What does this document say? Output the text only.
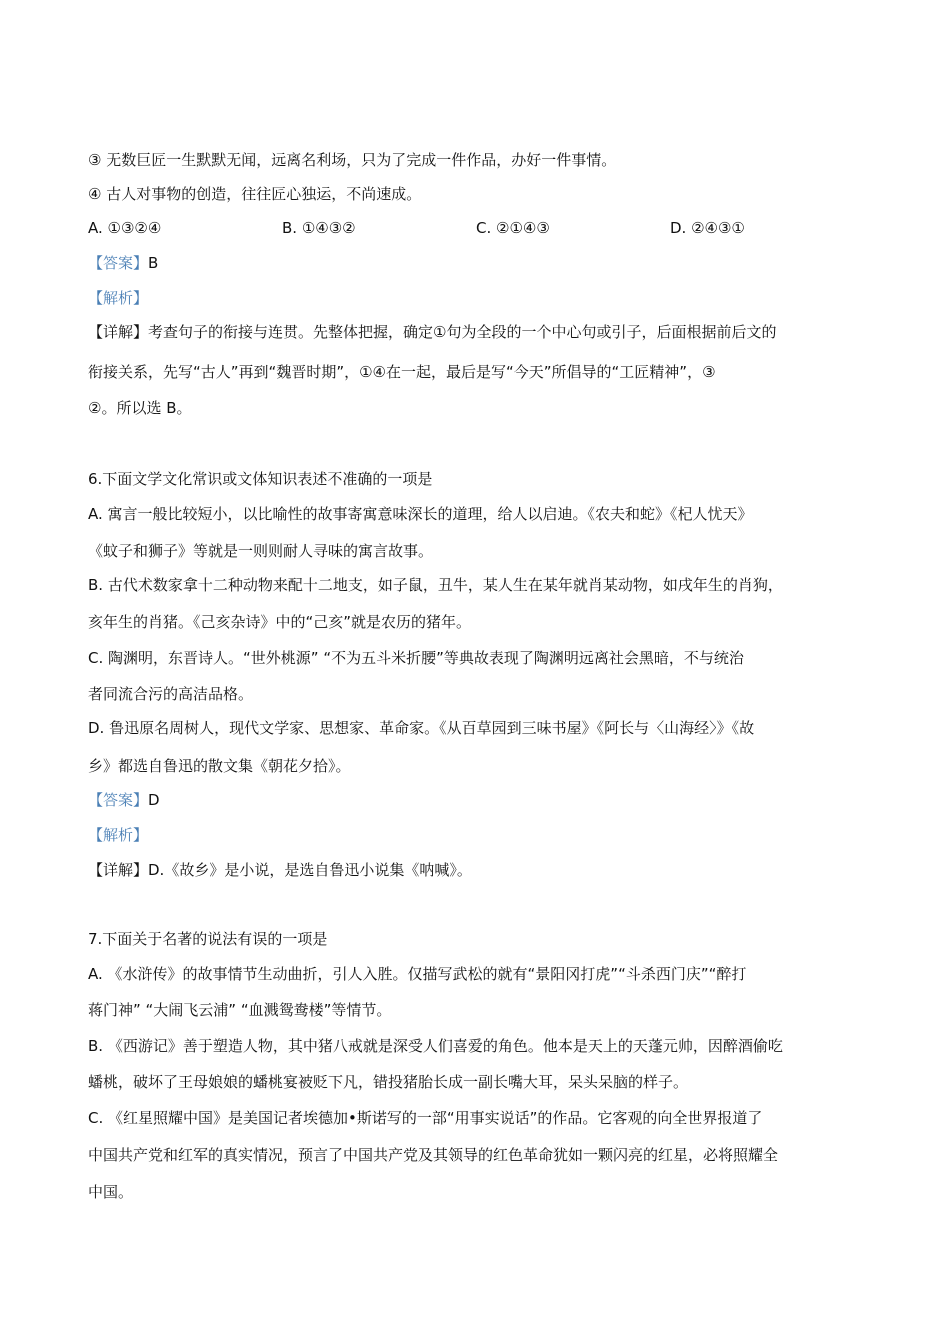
③ 无数巨匠一生默默无闻，远离名利场，只为了完成一件作品，办好一件事情。
④ 古人对事物的创造，往往匠心独运，不尚速成。
A. ①③②④	B. ①④③②	C. ②①④③	D. ②④③①
【答案】B
【解析】
【详解】考查句子的衔接与连贯。先整体把握，确定①句为全段的一个中心句或引子，后面根据前后文的
衔接关系，先写“古人”再到“魏晋时期”，①④在一起，最后是写“今天”所倡导的“工匠精神”，③
②。所以选 B。
6.下面文学文化常识或文体知识表述不准确的一项是
A. 寓言一般比较短小，以比喻性的故事寄寓意味深长的道理，给人以启迪。《农夫和蛇》《杞人忧天》
《蚊子和狮子》等就是一则则耐人寻味的寓言故事。
B. 古代术数家拿十二种动物来配十二地支，如子鼠，丑牛，某人生在某年就肖某动物，如戌年生的肖狗，
亥年生的肖猪。《己亥杂诗》中的“己亥”就是农历的猪年。
C. 陶渊明，东晋诗人。“世外桃源” “不为五斗米折腰”等典故表现了陶渊明远离社会黑暗，不与统治
者同流合污的高洁品格。
D. 鲁迅原名周树人，现代文学家、思想家、革命家。《从百草园到三味书屋》《阿长与〈山海经〉》《故
乡》都选自鲁迅的散文集《朝花夕拾》。
【答案】D
【解析】
【详解】D.《故乡》是小说，是选自鲁迅小说集《呐喊》。
7.下面关于名著的说法有误的一项是
A. 《水浒传》的故事情节生动曲折，引人入胜。仅描写武松的就有“景阳冈打虎”“斗杀西门庆”“醉打
蒋门神” “大闹飞云浦” “血溅鸳鸯楼”等情节。
B. 《西游记》善于塑造人物，其中猪八戒就是深受人们喜爱的角色。他本是天上的天蓬元帅，因醉酒偷吃
蟠桃，破坏了王母娘娘的蟠桃宴被贬下凡，错投猪胎长成一副长嘴大耳，呆头呆脑的样子。
C. 《红星照耀中国》是美国记者埃德加•斯诺写的一部“用事实说话”的作品。它客观的向全世界报道了
中国共产党和红军的真实情况，预言了中国共产党及其领导的红色革命犹如一颗闪亮的红星，必将照耀全
中国。
